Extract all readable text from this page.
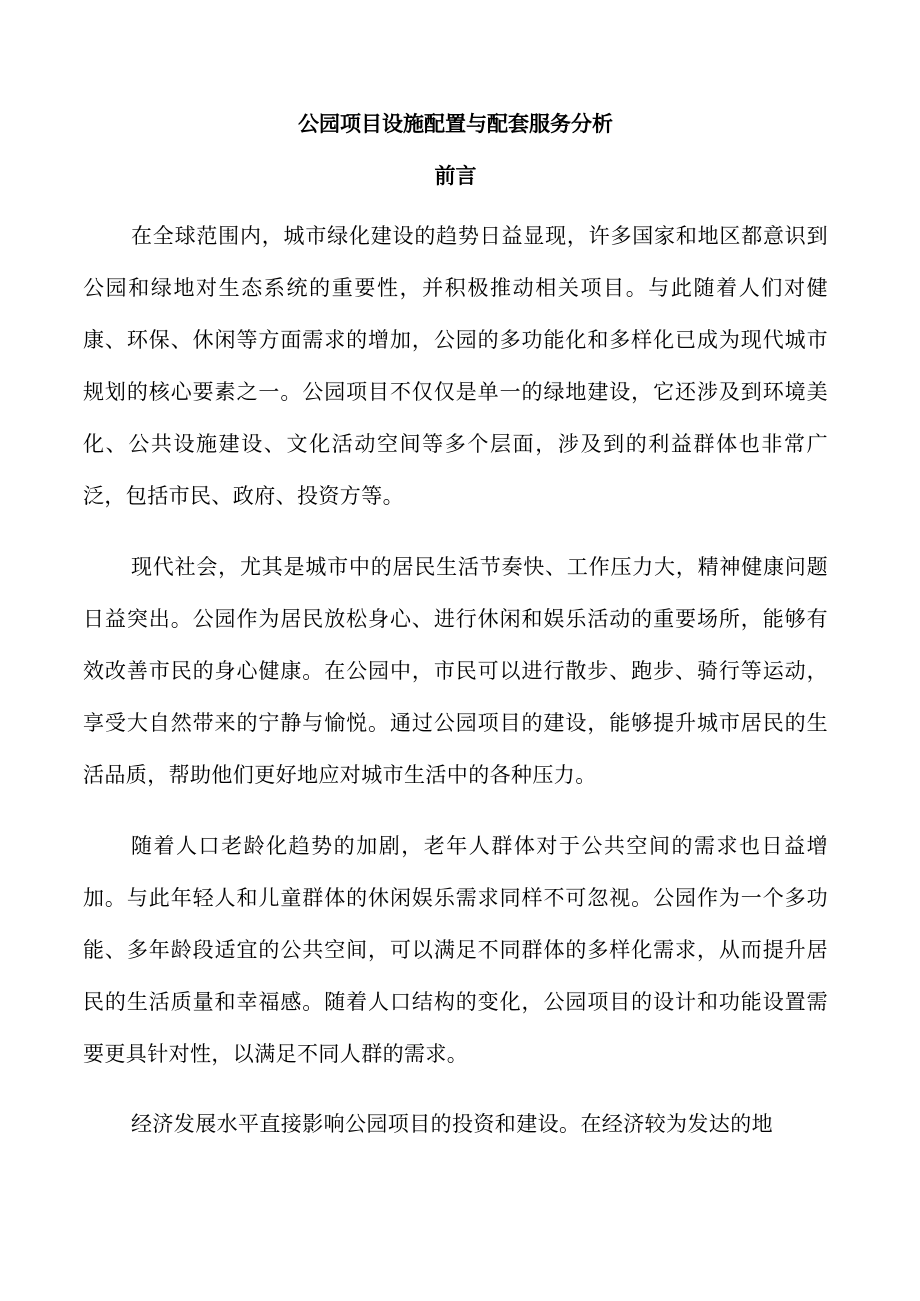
公园项目设施配置与配套服务分析
前言

在全球范围内，城市绿化建设的趋势日益显现，许多国家和地区都意识到公园和绿地对生态系统的重要性，并积极推动相关项目。与此随着人们对健康、环保、休闲等方面需求的增加，公园的多功能化和多样化已成为现代城市规划的核心要素之一。公园项目不仅仅是单一的绿地建设，它还涉及到环境美化、公共设施建设、文化活动空间等多个层面，涉及到的利益群体也非常广泛，包括市民、政府、投资方等。

现代社会，尤其是城市中的居民生活节奏快、工作压力大，精神健康问题日益突出。公园作为居民放松身心、进行休闲和娱乐活动的重要场所，能够有效改善市民的身心健康。在公园中，市民可以进行散步、跑步、骑行等运动，享受大自然带来的宁静与愉悦。通过公园项目的建设，能够提升城市居民的生活品质，帮助他们更好地应对城市生活中的各种压力。

随着人口老龄化趋势的加剧，老年人群体对于公共空间的需求也日益增加。与此年轻人和儿童群体的休闲娱乐需求同样不可忽视。公园作为一个多功能、多年龄段适宜的公共空间，可以满足不同群体的多样化需求，从而提升居民的生活质量和幸福感。随着人口结构的变化，公园项目的设计和功能设置需要更具针对性，以满足不同人群的需求。

经济发展水平直接影响公园项目的投资和建设。在经济较为发达的地
